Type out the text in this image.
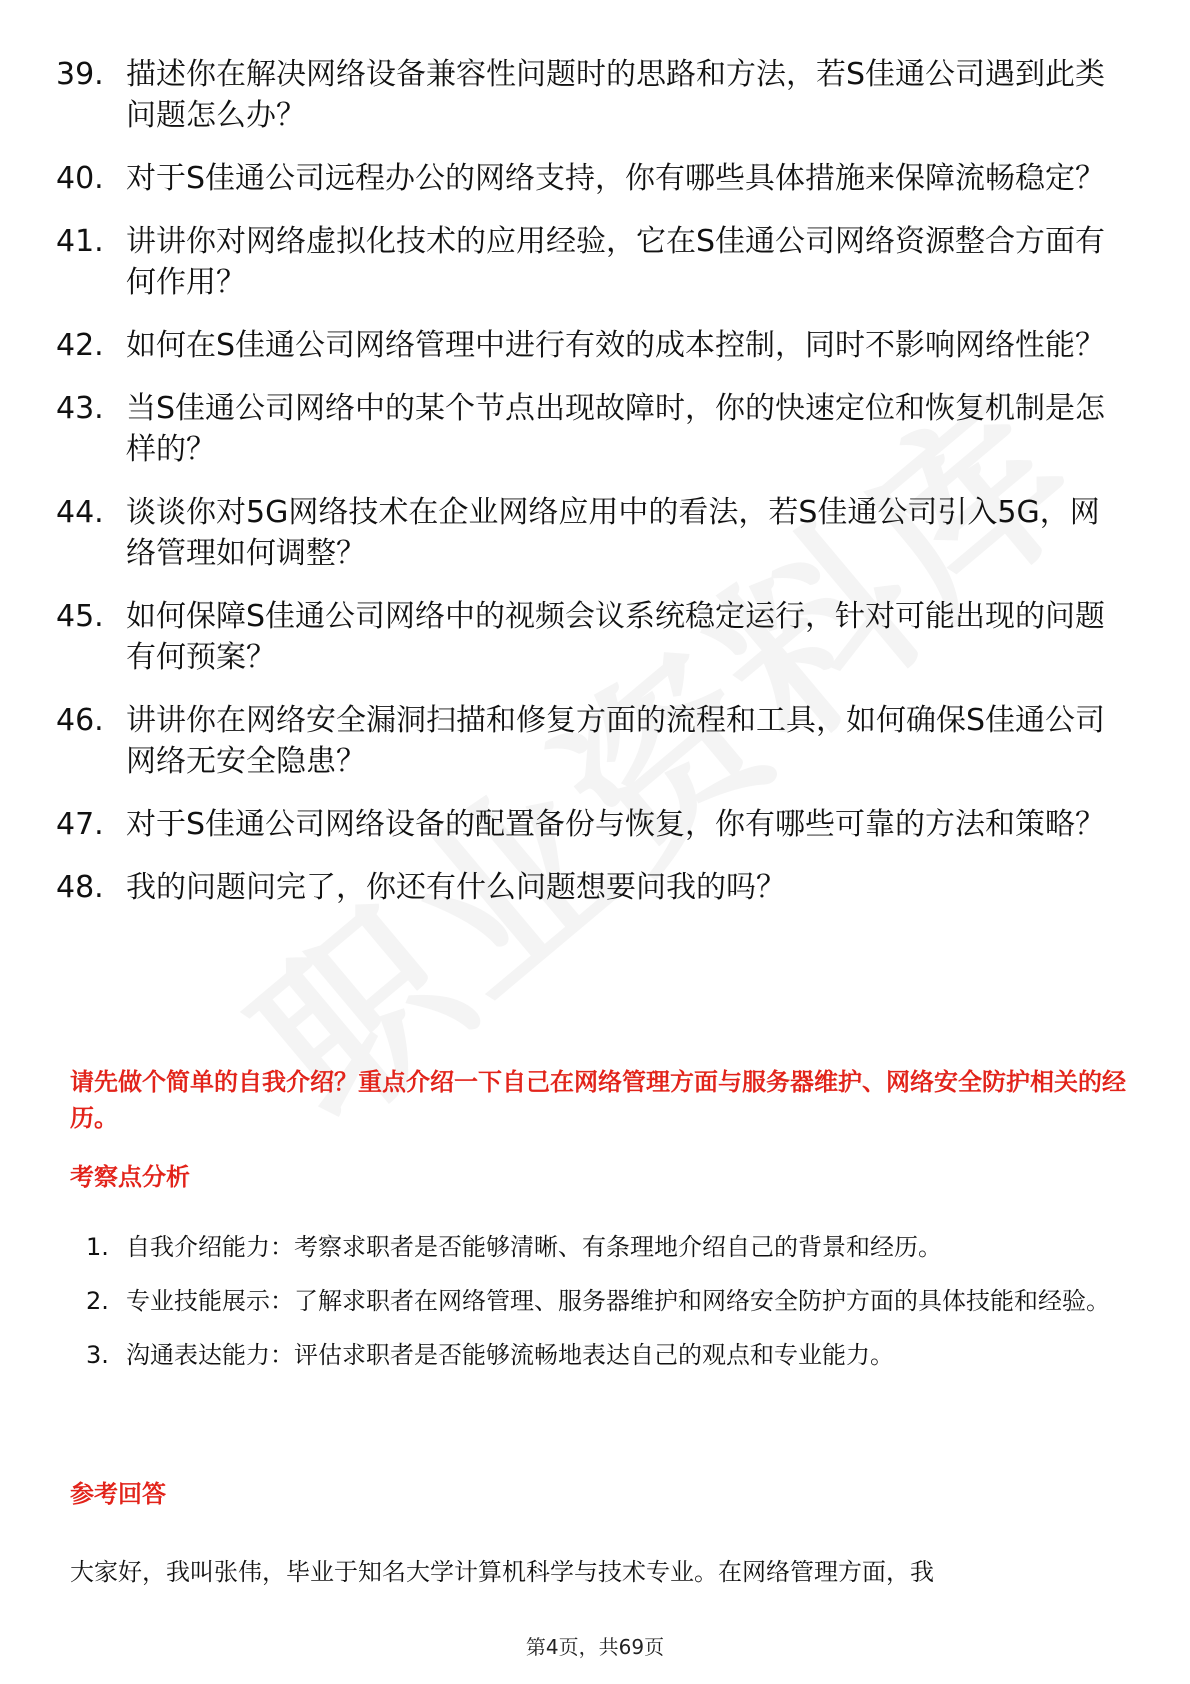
39. 描述你在解决网络设备兼容性问题时的思路和方法，若S佳通公司遇到此类问题怎么办？
40. 对于S佳通公司远程办公的网络支持，你有哪些具体措施来保障流畅稳定？
41. 讲讲你对网络虚拟化技术的应用经验，它在S佳通公司网络资源整合方面有何作用？
42. 如何在S佳通公司网络管理中进行有效的成本控制，同时不影响网络性能？
43. 当S佳通公司网络中的某个节点出现故障时，你的快速定位和恢复机制是怎样的？
44. 谈谈你对5G网络技术在企业网络应用中的看法，若S佳通公司引入5G，网络管理如何调整？
45. 如何保障S佳通公司网络中的视频会议系统稳定运行，针对可能出现的问题有何预案？
46. 讲讲你在网络安全漏洞扫描和修复方面的流程和工具，如何确保S佳通公司网络无安全隐患？
47. 对于S佳通公司网络设备的配置备份与恢复，你有哪些可靠的方法和策略？
48. 我的问题问完了，你还有什么问题想要问我的吗？
请先做个简单的自我介绍？重点介绍一下自己在网络管理方面与服务器维护、网络安全防护相关的经历。
考察点分析
1. 自我介绍能力：考察求职者是否能够清晰、有条理地介绍自己的背景和经历。
2. 专业技能展示：了解求职者在网络管理、服务器维护和网络安全防护方面的具体技能和经验。
3. 沟通表达能力：评估求职者是否能够流畅地表达自己的观点和专业能力。
参考回答
大家好，我叫张伟，毕业于知名大学计算机科学与技术专业。在网络管理方面，我
第4页，共69页
